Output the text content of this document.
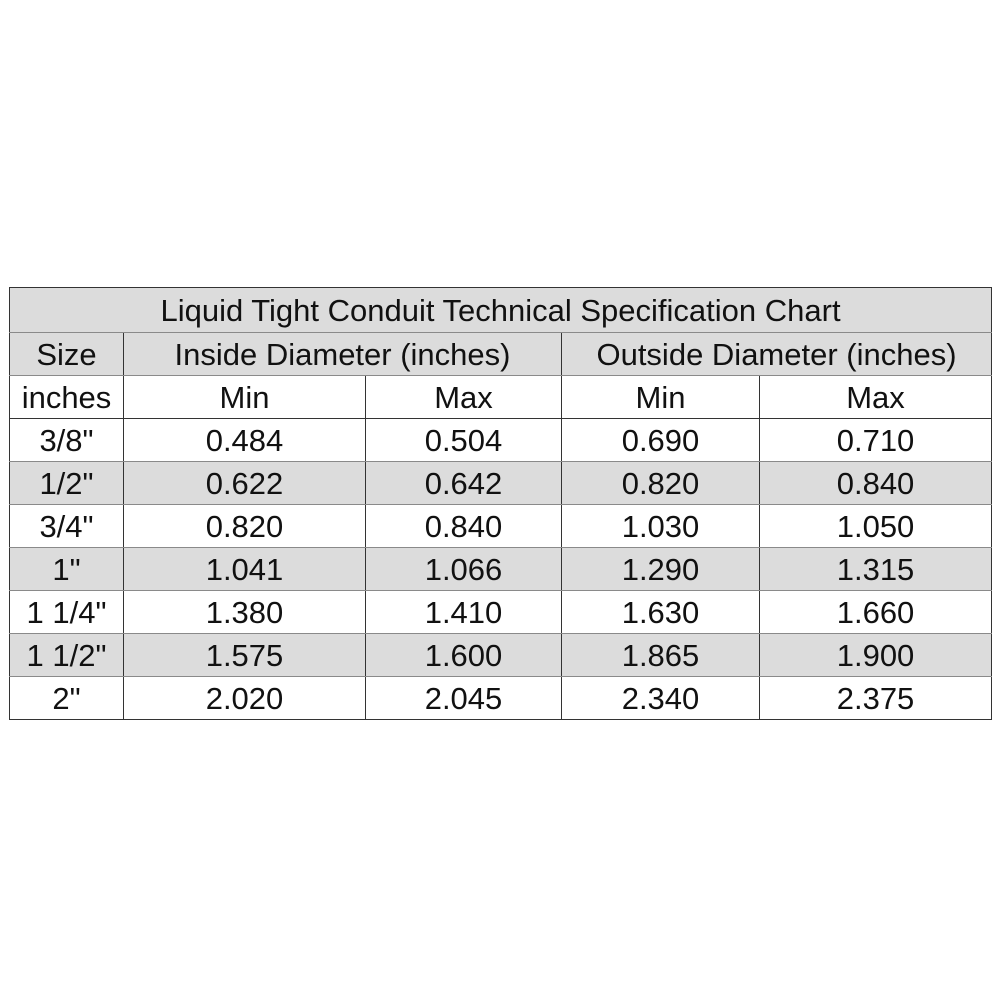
Liquid Tight Conduit Technical Specification Chart				
Size	Inside Diameter (inches)		Outside Diameter (inches)	
inches	Min	Max	Min	Max
3/8"	0.484	0.504	0.690	0.710
1/2"	0.622	0.642	0.820	0.840
3/4"	0.820	0.840	1.030	1.050
1"	1.041	1.066	1.290	1.315
1 1/4"	1.380	1.410	1.630	1.660
1 1/2"	1.575	1.600	1.865	1.900
2"	2.020	2.045	2.340	2.375
